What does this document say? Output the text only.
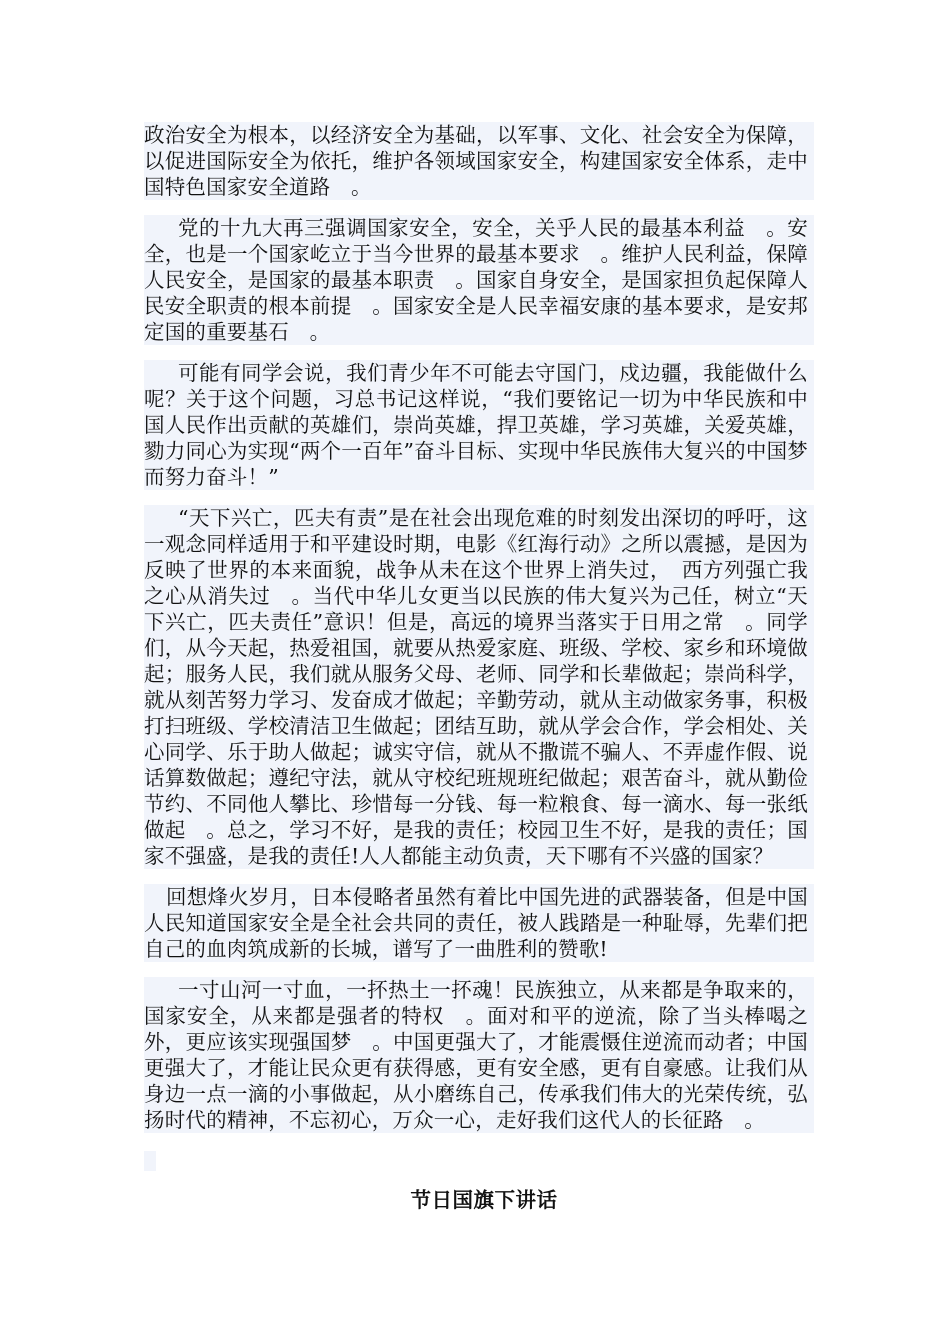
政治安全为根本，以经济安全为基础，以军事、文化、社会安全为保障，以促进国际安全为依托，维护各领域国家安全，构建国家安全体系，走中国特色国家安全道路　。

党的十九大再三强调国家安全，安全，关乎人民的最基本利益　。安全，也是一个国家屹立于当今世界的最基本要求　。维护人民利益，保障人民安全，是国家的最基本职责　。国家自身安全，是国家担负起保障人民安全职责的根本前提　。国家安全是人民幸福安康的基本要求，是安邦定国的重要基石　。

可能有同学会说，我们青少年不可能去守国门，戍边疆，我能做什么呢？关于这个问题，习总书记这样说，“我们要铭记一切为中华民族和中国人民作出贡献的英雄们，崇尚英雄，捍卫英雄，学习英雄，关爱英雄，勠力同心为实现“两个一百年”奋斗目标、实现中华民族伟大复兴的中国梦而努力奋斗！”

“天下兴亡，匹夫有责”是在社会出现危难的时刻发出深切的呼吁，这一观念同样适用于和平建设时期，电影《红海行动》之所以震撼，是因为反映了世界的本来面貌，战争从未在这个世界上消失过，　西方列强亡我之心从消失过　。当代中华儿女更当以民族的伟大复兴为己任，树立“天下兴亡，匹夫责任”意识！但是，高远的境界当落实于日用之常　。同学们，从今天起，热爱祖国，就要从热爱家庭、班级、学校、家乡和环境做起；服务人民，我们就从服务父母、老师、同学和长辈做起；崇尚科学，就从刻苦努力学习、发奋成才做起；辛勤劳动，就从主动做家务事，积极打扫班级、学校清洁卫生做起；团结互助，就从学会合作，学会相处、关心同学、乐于助人做起；诚实守信，就从不撒谎不骗人、不弄虚作假、说话算数做起；遵纪守法，就从守校纪班规班纪做起；艰苦奋斗，就从勤俭节约、不同他人攀比、珍惜每一分钱、每一粒粮食、每一滴水、每一张纸做起　。总之，学习不好，是我的责任；校园卫生不好，是我的责任；国家不强盛，是我的责任!人人都能主动负责，天下哪有不兴盛的国家？

回想烽火岁月，日本侵略者虽然有着比中国先进的武器装备，但是中国人民知道国家安全是全社会共同的责任，被人践踏是一种耻辱，先辈们把自己的血肉筑成新的长城，谱写了一曲胜利的赞歌!

一寸山河一寸血，一抔热土一抔魂！民族独立，从来都是争取来的，国家安全，从来都是强者的特权　。面对和平的逆流，除了当头棒喝之外，更应该实现强国梦　。中国更强大了，才能震慑住逆流而动者；中国更强大了，才能让民众更有获得感，更有安全感，更有自豪感。让我们从身边一点一滴的小事做起，从小磨练自己，传承我们伟大的光荣传统，弘扬时代的精神，不忘初心，万众一心，走好我们这代人的长征路　。

节日国旗下讲话
